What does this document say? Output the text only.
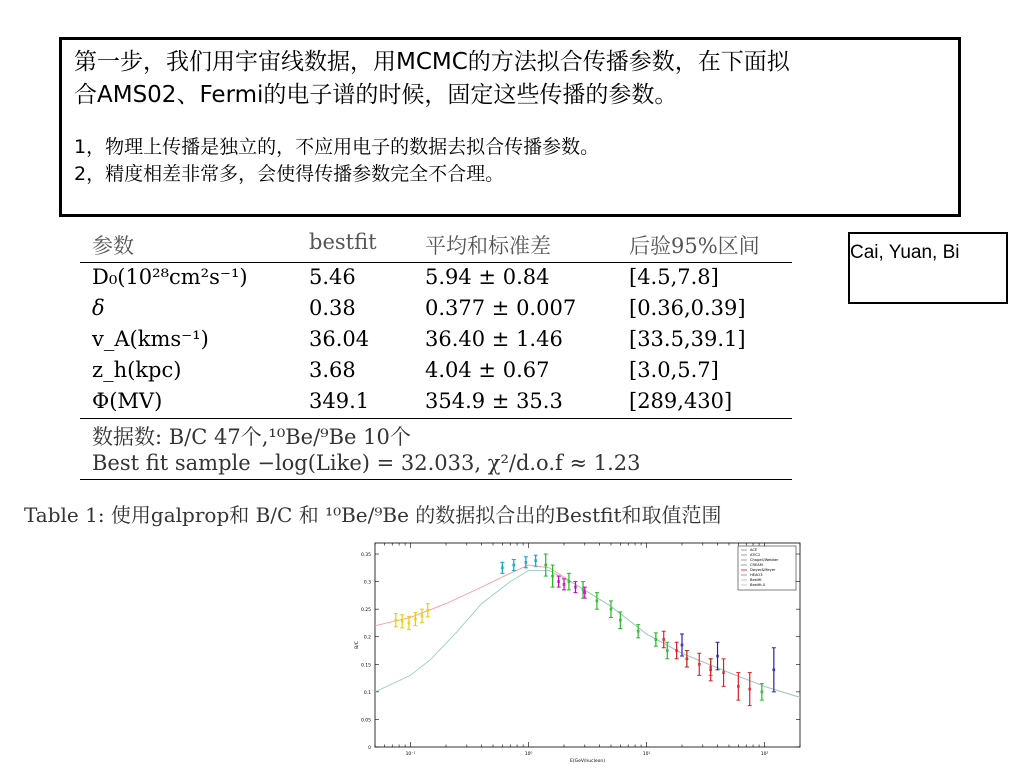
第一步，我们用宇宙线数据，用MCMC的方法拟合传播参数，在下面拟
合AMS02、Fermi的电子谱的时候，固定这些传播的参数。
1，物理上传播是独立的，不应用电子的数据去拟合传播参数。
2，精度相差非常多，会使得传播参数完全不合理。
Cai, Yuan, Bi
参数	bestfit 平均和标准差	后验95%区间
D₀(10²⁸cm²s⁻¹)	5.46	5.94 ± 0.84	[4.5,7.8]
δ	0.38	0.377 ± 0.007	[0.36,0.39]
v_A(kms⁻¹)	36.04	36.40 ± 1.46	[33.5,39.1]
z_h(kpc)	3.68	4.04 ± 0.67	[3.0,5.7]
Φ(MV)	349.1	354.9 ± 35.3	[289,430]
数据数: B/C 47个,¹⁰Be/⁹Be 10个
Best fit sample −log(Like) = 32.033, χ²/d.o.f ≈ 1.23
Table 1: 使用galprop和 B/C 和 ¹⁰Be/⁹Be 的数据拟合出的Bestfit和取值范围
0
0.05
0.1
0.15
0.2
0.25
0.3
0.35
10⁻¹	10⁰	10¹	10²
E(GeV/nucleon)
B/C
ACE
ATIC2
Chapell/Webber
CREAM
Dwyer&Meyer
HEAO3
Bestfit
Bestfit-0
